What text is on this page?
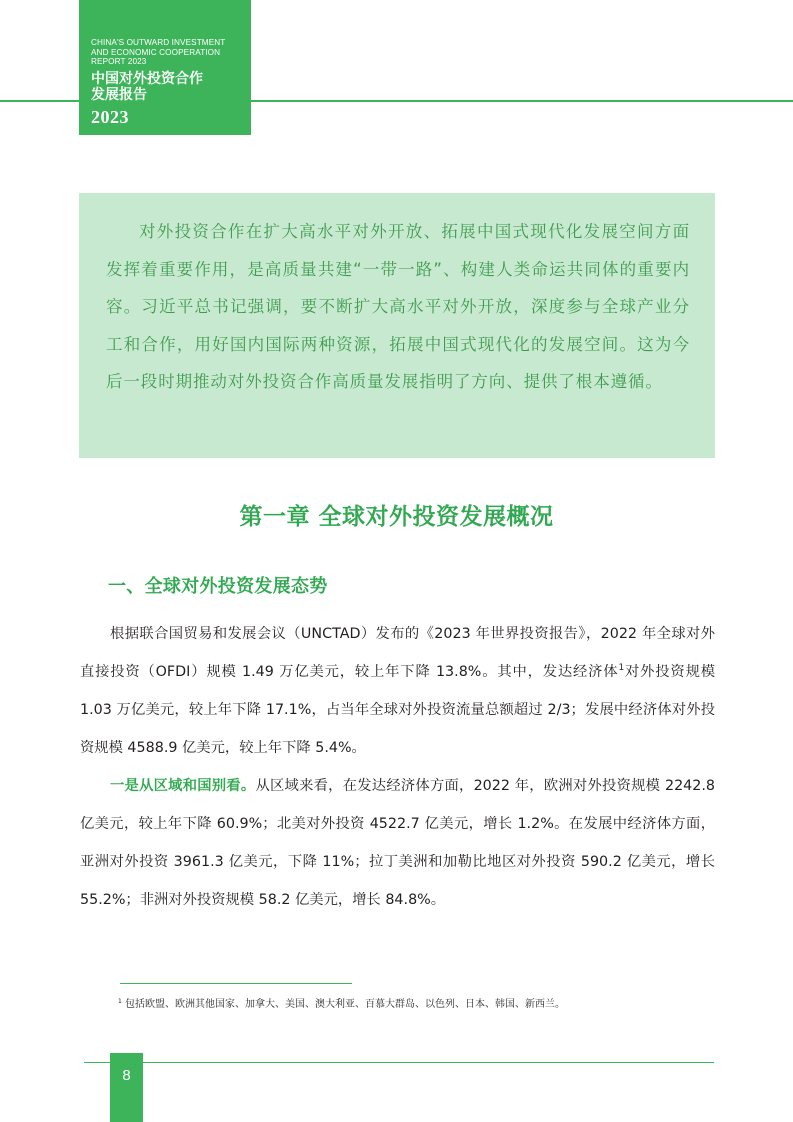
CHINA'S OUTWARD INVESTMENT
AND ECONOMIC COOPERATION
REPORT 2023
中国对外投资合作
发展报告
2023

对外投资合作在扩大高水平对外开放、拓展中国式现代化发展空间方面发挥着重要作用，是高质量共建“一带一路”、构建人类命运共同体的重要内容。习近平总书记强调，要不断扩大高水平对外开放，深度参与全球产业分工和合作，用好国内国际两种资源，拓展中国式现代化的发展空间。这为今后一段时期推动对外投资合作高质量发展指明了方向、提供了根本遵循。

第一章 全球对外投资发展概况
一、全球对外投资发展态势

根据联合国贸易和发展会议（UNCTAD）发布的《2023 年世界投资报告》，2022 年全球对外直接投资（OFDI）规模 1.49 万亿美元，较上年下降 13.8%。其中，发达经济体$^1$对外投资规模 1.03 万亿美元，较上年下降 17.1%，占当年全球对外投资流量总额超过 2/3；发展中经济体对外投资规模 4588.9 亿美元，较上年下降 5.4%。

一是从区域和国别看。从区域来看，在发达经济体方面，2022 年，欧洲对外投资规模 2242.8 亿美元，较上年下降 60.9%；北美对外投资 4522.7 亿美元，增长 1.2%。在发展中经济体方面，亚洲对外投资 3961.3 亿美元，下降 11%；拉丁美洲和加勒比地区对外投资 590.2 亿美元，增长 55.2%；非洲对外投资规模 58.2 亿美元，增长 84.8%。

$^1$ 包括欧盟、欧洲其他国家、加拿大、美国、澳大利亚、百慕大群岛、以色列、日本、韩国、新西兰。
8
